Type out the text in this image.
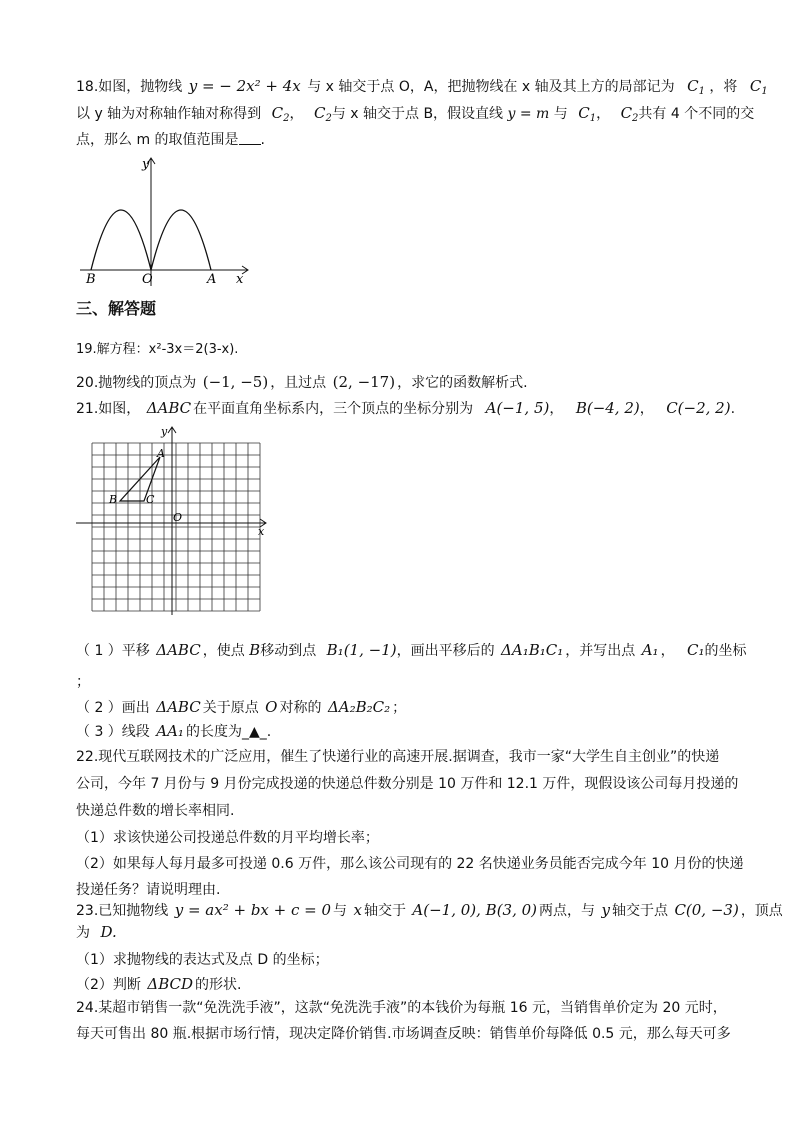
18.如图，抛物线 y = − 2x² + 4x 与 x 轴交于点 O，A，把抛物线在 x 轴及其上方的局部记为 $C_1$ ，将 $C_1$
以 y 轴为对称轴作轴对称得到 $C_2$， $C_2$与 x 轴交于点 B，假设直线 y = m 与 $C_1$， $C_2$共有 4 个不同的交
点，那么 m 的取值范围是 .
y
x
B	O	A
三、解答题
19.解方程：x²-3x＝2(3-x).
20.抛物线的顶点为 (−1, −5) ，且过点 (2, −17) ，求它的函数解析式.
21.如图， ΔABC 在平面直角坐标系内，三个顶点的坐标分别为 A(−1, 5)， B(−4, 2)， C(−2, 2).
y
x
O
A
B	C
（ 1 ）平移 ΔABC ，使点 B移动到点 B₁(1, −1)，画出平移后的 ΔA₁B₁C₁ ，并写出点 A₁ ， C₁的坐标
；
（ 2 ）画出 ΔABC 关于原点 O 对称的 ΔA₂B₂C₂ ；
（ 3 ）线段 AA₁ 的长度为_▲_.
22.现代互联网技术的广泛应用，催生了快递行业的高速开展.据调查，我市一家“大学生自主创业”的快递
公司，今年 7 月份与 9 月份完成投递的快递总件数分别是 10 万件和 12.1 万件，现假设该公司每月投递的
快递总件数的增长率相同.
（1）求该快递公司投递总件数的月平均增长率；
（2）如果每人每月最多可投递 0.6 万件，那么该公司现有的 22 名快递业务员能否完成今年 10 月份的快递
投递任务？请说明理由.
23.已知抛物线 y = ax² + bx + c = 0 与 x 轴交于 A(−1, 0), B(3, 0) 两点，与 y 轴交于点 C(0, −3) ，顶点
为 D.
（1）求抛物线的表达式及点 D 的坐标；
（2）判断 ΔBCD 的形状.
24.某超市销售一款“免洗洗手液”，这款“免洗洗手液”的本钱价为每瓶 16 元，当销售单价定为 20 元时，
每天可售出 80 瓶.根据市场行情，现决定降价销售.市场调查反映：销售单价每降低 0.5 元，那么每天可多
